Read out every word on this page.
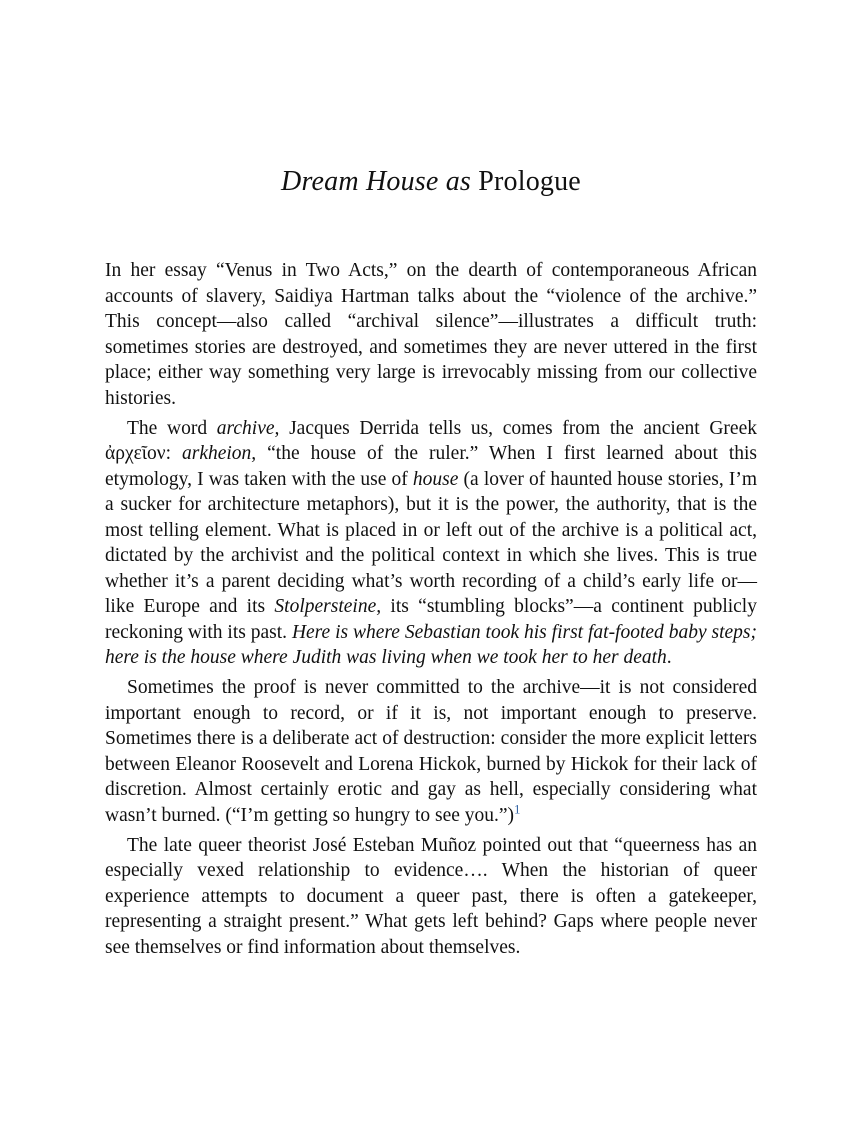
Dream House as Prologue

In her essay “Venus in Two Acts,” on the dearth of contemporaneous African accounts of slavery, Saidiya Hartman talks about the “violence of the archive.” This concept—also called “archival silence”—illustrates a difficult truth: sometimes stories are destroyed, and sometimes they are never uttered in the first place; either way something very large is irrevocably missing from our collective histories.

The word archive, Jacques Derrida tells us, comes from the ancient Greek ἀρχεῖον: arkheion, “the house of the ruler.” When I first learned about this etymology, I was taken with the use of house (a lover of haunted house stories, I’m a sucker for architecture metaphors), but it is the power, the authority, that is the most telling element. What is placed in or left out of the archive is a political act, dictated by the archivist and the political context in which she lives. This is true whether it’s a parent deciding what’s worth recording of a child’s early life or—like Europe and its Stolpersteine, its “stumbling blocks”—a continent publicly reckoning with its past. Here is where Sebastian took his first fat-footed baby steps; here is the house where Judith was living when we took her to her death.

Sometimes the proof is never committed to the archive—it is not considered important enough to record, or if it is, not important enough to preserve. Sometimes there is a deliberate act of destruction: consider the more explicit letters between Eleanor Roosevelt and Lorena Hickok, burned by Hickok for their lack of discretion. Almost certainly erotic and gay as hell, especially considering what wasn’t burned. (“I’m getting so hungry to see you.”)$^1$

The late queer theorist José Esteban Muñoz pointed out that “queerness has an especially vexed relationship to evidence…. When the historian of queer experience attempts to document a queer past, there is often a gatekeeper, representing a straight present.” What gets left behind? Gaps where people never see themselves or find information about themselves.
